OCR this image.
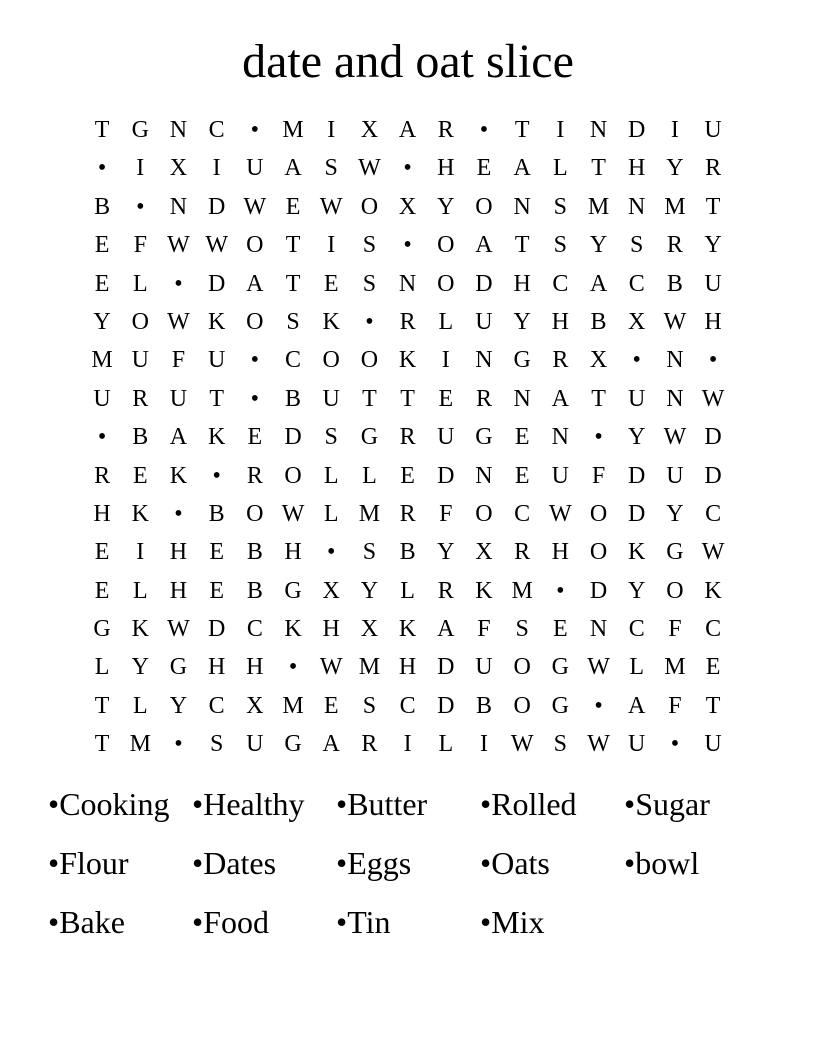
date and oat slice
T G N C	• M I	X A R	•	T	I	N D	I	U
•	I	X	I	U A S W •	H E A L T H Y R
B	•	N D W E W O X Y O N S M N M T
E	F W W O T	I	S	•	O A T	S Y S R Y
E L	•	D A T E	S N O D H C A C B U
Y O W K O S K	•	R L U Y H B X W H
M U F U	•	C O O K	I	N G R X	•	N	•
U R U T	•	B U T T E R N A T U N W
•	B A K E D S G R U G E N	•	Y W D
R E K	•	R O L L E D N E U F D U D
H K	•	B O W L M R F O C W O D Y C
E	I	H E B H	•	S B Y X R H O K G W
E L H E B G X Y L R K M •	D Y O K
G K W D C K H X K A F	S	E N C F C
L Y G H H	• W M H D U O G W L M E
T L Y C X M E	S C D B O G	•	A F	T
T M •	S U G A R	I	L	I W S W U	•	U
•Cooking •Healthy •Butter	•Rolled	•Sugar
•Flour	•Dates	•Eggs	•Oats	•bowl
•Bake	•Food	•Tin	•Mix
